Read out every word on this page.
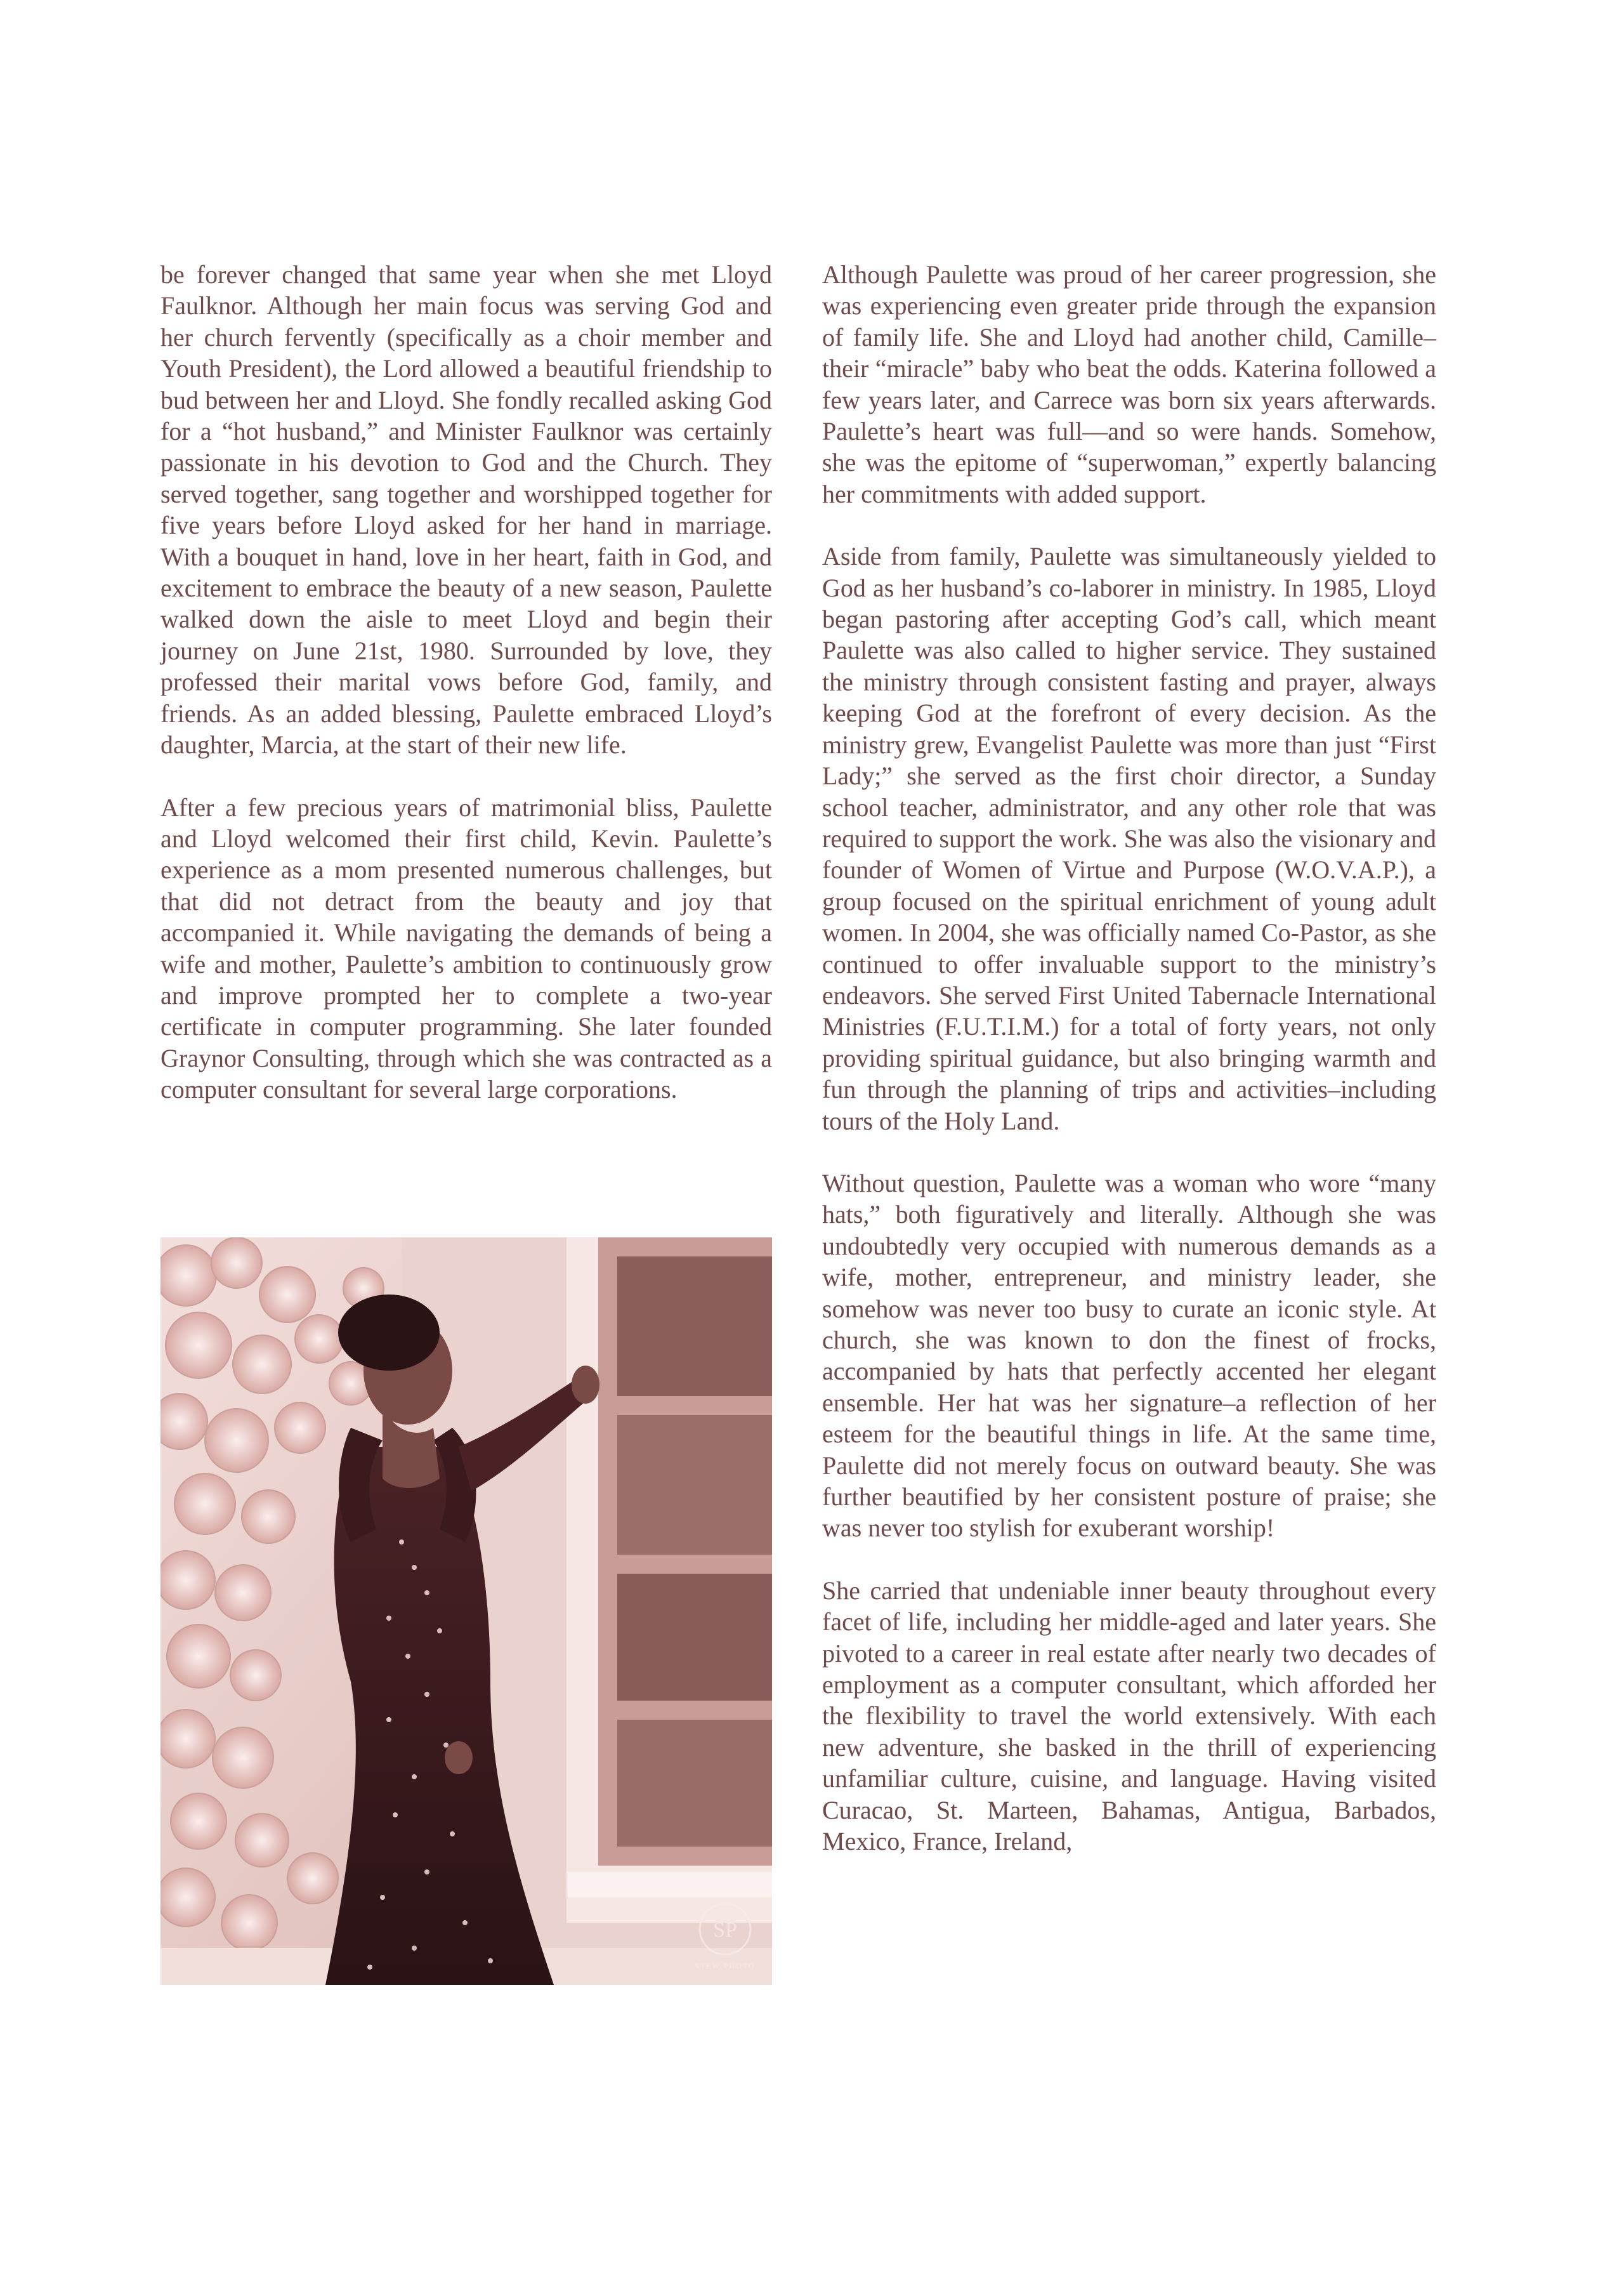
be forever changed that same year when she met Lloyd Faulknor. Although her main focus was serving God and her church fervently (specifically as a choir member and Youth President), the Lord allowed a beautiful friendship to bud between her and Lloyd. She fondly recalled asking God for a “hot husband,” and Minister Faulknor was certainly passionate in his devotion to God and the Church. They served together, sang together and worshipped together for five years before Lloyd asked for her hand in marriage. With a bouquet in hand, love in her heart, faith in God, and excitement to embrace the beauty of a new season, Paulette walked down the aisle to meet Lloyd and begin their journey on June 21st, 1980. Surrounded by love, they professed their marital vows before God, family, and friends. As an added blessing, Paulette embraced Lloyd’s daughter, Marcia, at the start of their new life.

After a few precious years of matrimonial bliss, Paulette and Lloyd welcomed their first child, Kevin. Paulette’s experience as a mom presented numerous challenges, but that did not detract from the beauty and joy that accompanied it. While navigating the demands of being a wife and mother, Paulette’s ambition to continuously grow and improve prompted her to complete a two-year certificate in computer programming. She later founded Graynor Consulting, through which she was contracted as a computer consultant for several large corporations.

Although Paulette was proud of her career progression, she was experiencing even greater pride through the expansion of family life. She and Lloyd had another child, Camille–their “miracle” baby who beat the odds. Katerina followed a few years later, and Carrece was born six years afterwards. Paulette’s heart was full—and so were hands. Somehow, she was the epitome of “superwoman,” expertly balancing her commitments with added support.

Aside from family, Paulette was simultaneously yielded to God as her husband’s co-laborer in ministry. In 1985, Lloyd began pastoring after accepting God’s call, which meant Paulette was also called to higher service. They sustained the ministry through consistent fasting and prayer, always keeping God at the forefront of every decision. As the ministry grew, Evangelist Paulette was more than just “First Lady;” she served as the first choir director, a Sunday school teacher, administrator, and any other role that was required to support the work. She was also the visionary and founder of Women of Virtue and Purpose (W.O.V.A.P.), a group focused on the spiritual enrichment of young adult women. In 2004, she was officially named Co-Pastor, as she continued to offer invaluable support to the ministry’s endeavors. She served First United Tabernacle International Ministries (F.U.T.I.M.) for a total of forty years, not only providing spiritual guidance, but also bringing warmth and fun through the planning of trips and activities–including tours of the Holy Land.

Without question, Paulette was a woman who wore “many hats,” both figuratively and literally. Although she was undoubtedly very occupied with numerous demands as a wife, mother, entrepreneur, and ministry leader, she somehow was never too busy to curate an iconic style. At church, she was known to don the finest of frocks, accompanied by hats that perfectly accented her elegant ensemble. Her hat was her signature–a reflection of her esteem for the beautiful things in life. At the same time, Paulette did not merely focus on outward beauty. She was further beautified by her consistent posture of praise; she was never too stylish for exuberant worship!

She carried that undeniable inner beauty throughout every facet of life, including her middle-aged and later years. She pivoted to a career in real estate after nearly two decades of employment as a computer consultant, which afforded her the flexibility to travel the world extensively. With each new adventure, she basked in the thrill of experiencing unfamiliar culture, cuisine, and language. Having visited Curacao, St. Marteen, Bahamas, Antigua, Barbados, Mexico, France, Ireland,

SP
STEW PHOTO
